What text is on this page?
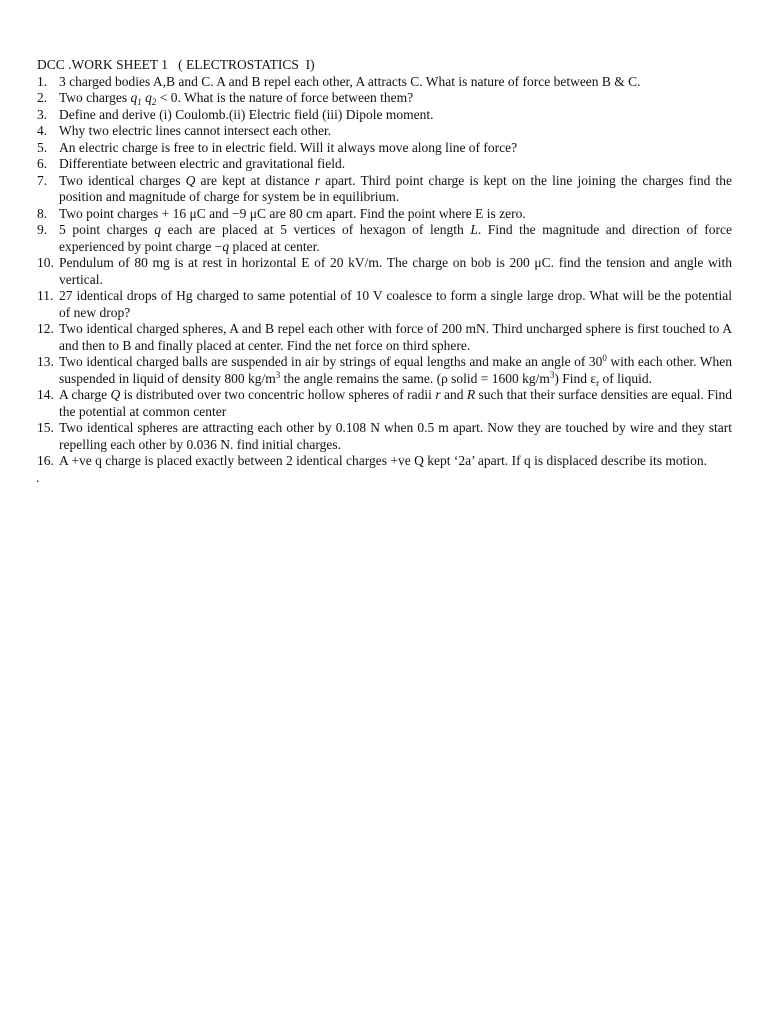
DCC .WORK SHEET 1   ( ELECTROSTATICS  I)
1. 3 charged bodies A,B and C. A and B repel each other, A attracts C. What is nature of force between B & C.
2. Two charges $q_1$ $q_2 < 0$. What is the nature of force between them?
3. Define and derive (i) Coulomb.(ii) Electric field (iii) Dipole moment.
4. Why two electric lines cannot intersect each other.
5. An electric charge is free to in electric field. Will it always move along line of force?
6. Differentiate between electric and gravitational field.
7. Two identical charges Q are kept at distance r apart. Third point charge is kept on the line joining the charges find the position and magnitude of charge for system be in equilibrium.
8. Two point charges + 16 μC and −9 μC are 80 cm apart. Find the point where E is zero.
9. 5 point charges q each are placed at 5 vertices of hexagon of length L. Find the magnitude and direction of force experienced by point charge −q placed at center.
10. Pendulum of 80 mg is at rest in horizontal E of 20 kV/m. The charge on bob is 200 μC. find the tension and angle with vertical.
11. 27 identical drops of Hg charged to same potential of 10 V coalesce to form a single large drop. What will be the potential of new drop?
12. Two identical charged spheres, A and B repel each other with force of 200 mN. Third uncharged sphere is first touched to A and then to B and finally placed at center. Find the net force on third sphere.
13. Two identical charged balls are suspended in air by strings of equal lengths and make an angle of $30^0$ with each other. When suspended in liquid of density 800 $kg/m^3$ the angle remains the same. (ρ solid = 1600 $kg/m^3$) Find $\varepsilon_r$ of liquid.
14. A charge Q is distributed over two concentric hollow spheres of radii r and R such that their surface densities are equal. Find the potential at common center
15. Two identical spheres are attracting each other by 0.108 N when 0.5 m apart. Now they are touched by wire and they start repelling each other by 0.036 N. find initial charges.
16. A +ve q charge is placed exactly between 2 identical charges +ve Q kept ‘2a’ apart. If q is displaced describe its motion.
.
